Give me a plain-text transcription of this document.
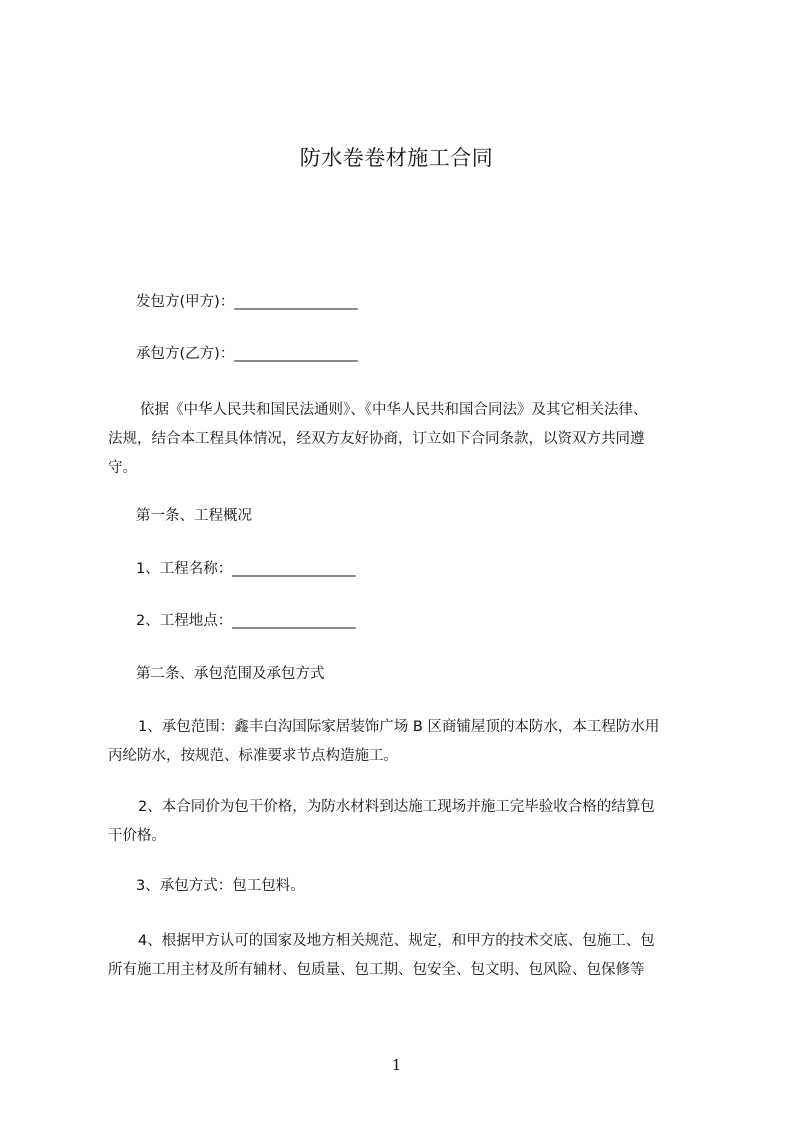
防水卷卷材施工合同
发包方(甲方)：_________________
承包方(乙方)：_________________
依据《中华人民共和国民法通则》、《中华人民共和国合同法》及其它相关法律、
法规，结合本工程具体情况，经双方友好协商，订立如下合同条款，以资双方共同遵
守。
第一条、工程概况
1、工程名称：_________________
2、工程地点：_________________
第二条、承包范围及承包方式
1、承包范围：鑫丰白沟国际家居装饰广场 B 区商铺屋顶的本防水，本工程防水用
丙纶防水，按规范、标准要求节点构造施工。
2、本合同价为包干价格，为防水材料到达施工现场并施工完毕验收合格的结算包
干价格。
3、承包方式：包工包料。
4、根据甲方认可的国家及地方相关规范、规定，和甲方的技术交底、包施工、包
所有施工用主材及所有辅材、包质量、包工期、包安全、包文明、包风险、包保修等
1
